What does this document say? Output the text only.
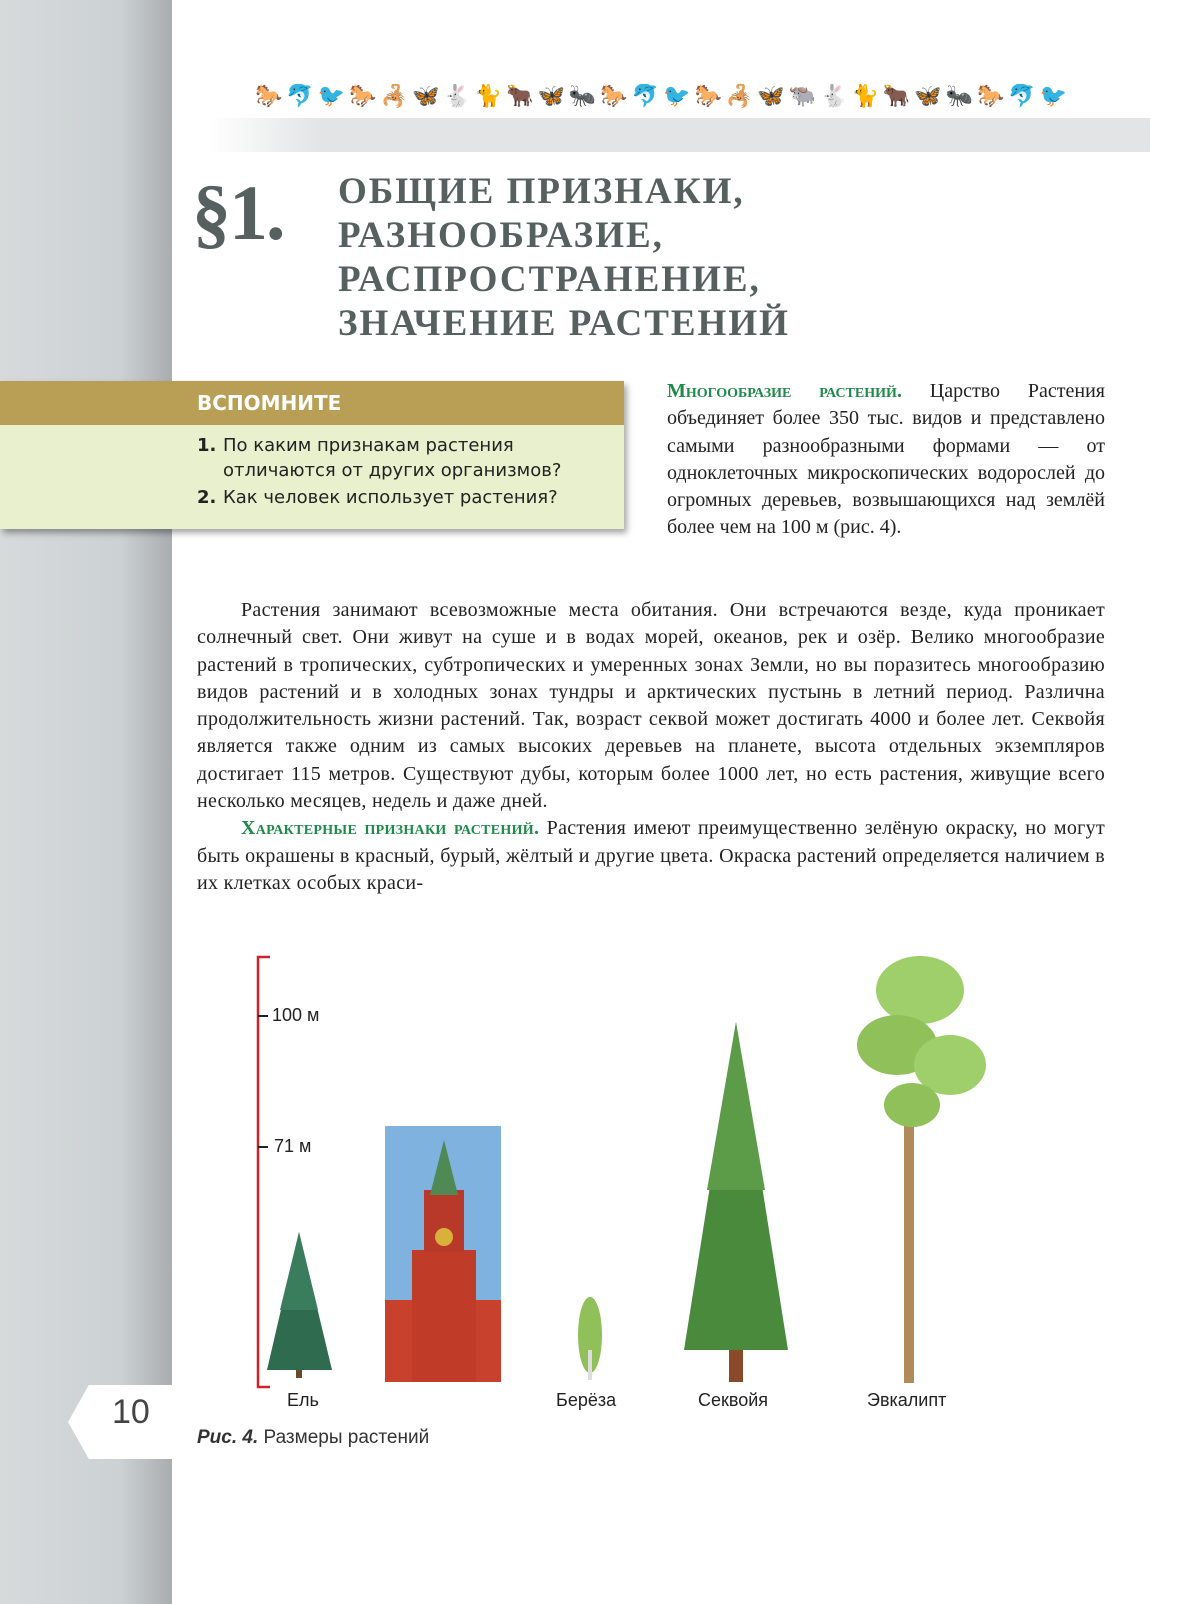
10
🐎🐬🐦🐎🦂🦋🐇🐈🐂🦋🐜🐎🐬🐦🐎🦂🦋🐃🐇🐈🐂🦋🐜🐎🐬🐦
§1. ОБЩИЕ ПРИЗНАКИ,
РАЗНООБРАЗИЕ,
РАСПРОСТРАНЕНИЕ,
ЗНАЧЕНИЕ РАСТЕНИЙ
ВСПОМНИТЕ
1. По каким признакам растения отличаются от других организмов?
2. Как человек использует растения?
Многообразие растений. Царство Растения объединяет более 350 тыс. видов и представлено самыми разнообразными формами — от одноклеточных микроскопических водорослей до огромных деревьев, возвышающихся над землёй более чем на 100 м (рис. 4).

Растения занимают всевозможные места обитания. Они встречаются везде, куда проникает солнечный свет. Они живут на суше и в водах морей, океанов, рек и озёр. Велико многообразие растений в тропических, субтропических и умеренных зонах Земли, но вы поразитесь многообразию видов растений и в холодных зонах тундры и арктических пустынь в летний период. Различна продолжительность жизни растений. Так, возраст секвой может достигать 4000 и более лет. Секвойя является также одним из самых высоких деревьев на планете, высота отдельных экземпляров достигает 115 метров. Существуют дубы, которым более 1000 лет, но есть растения, живущие всего несколько месяцев, недель и даже дней.

Характерные признаки растений. Растения имеют преимущественно зелёную окраску, но могут быть окрашены в красный, бурый, жёлтый и другие цвета. Окраска растений определяется наличием в их клетках особых краси-

100 м
71 м
Ель	Берёза	Секвойя	Эвкалипт
Рис. 4. Размеры растений
